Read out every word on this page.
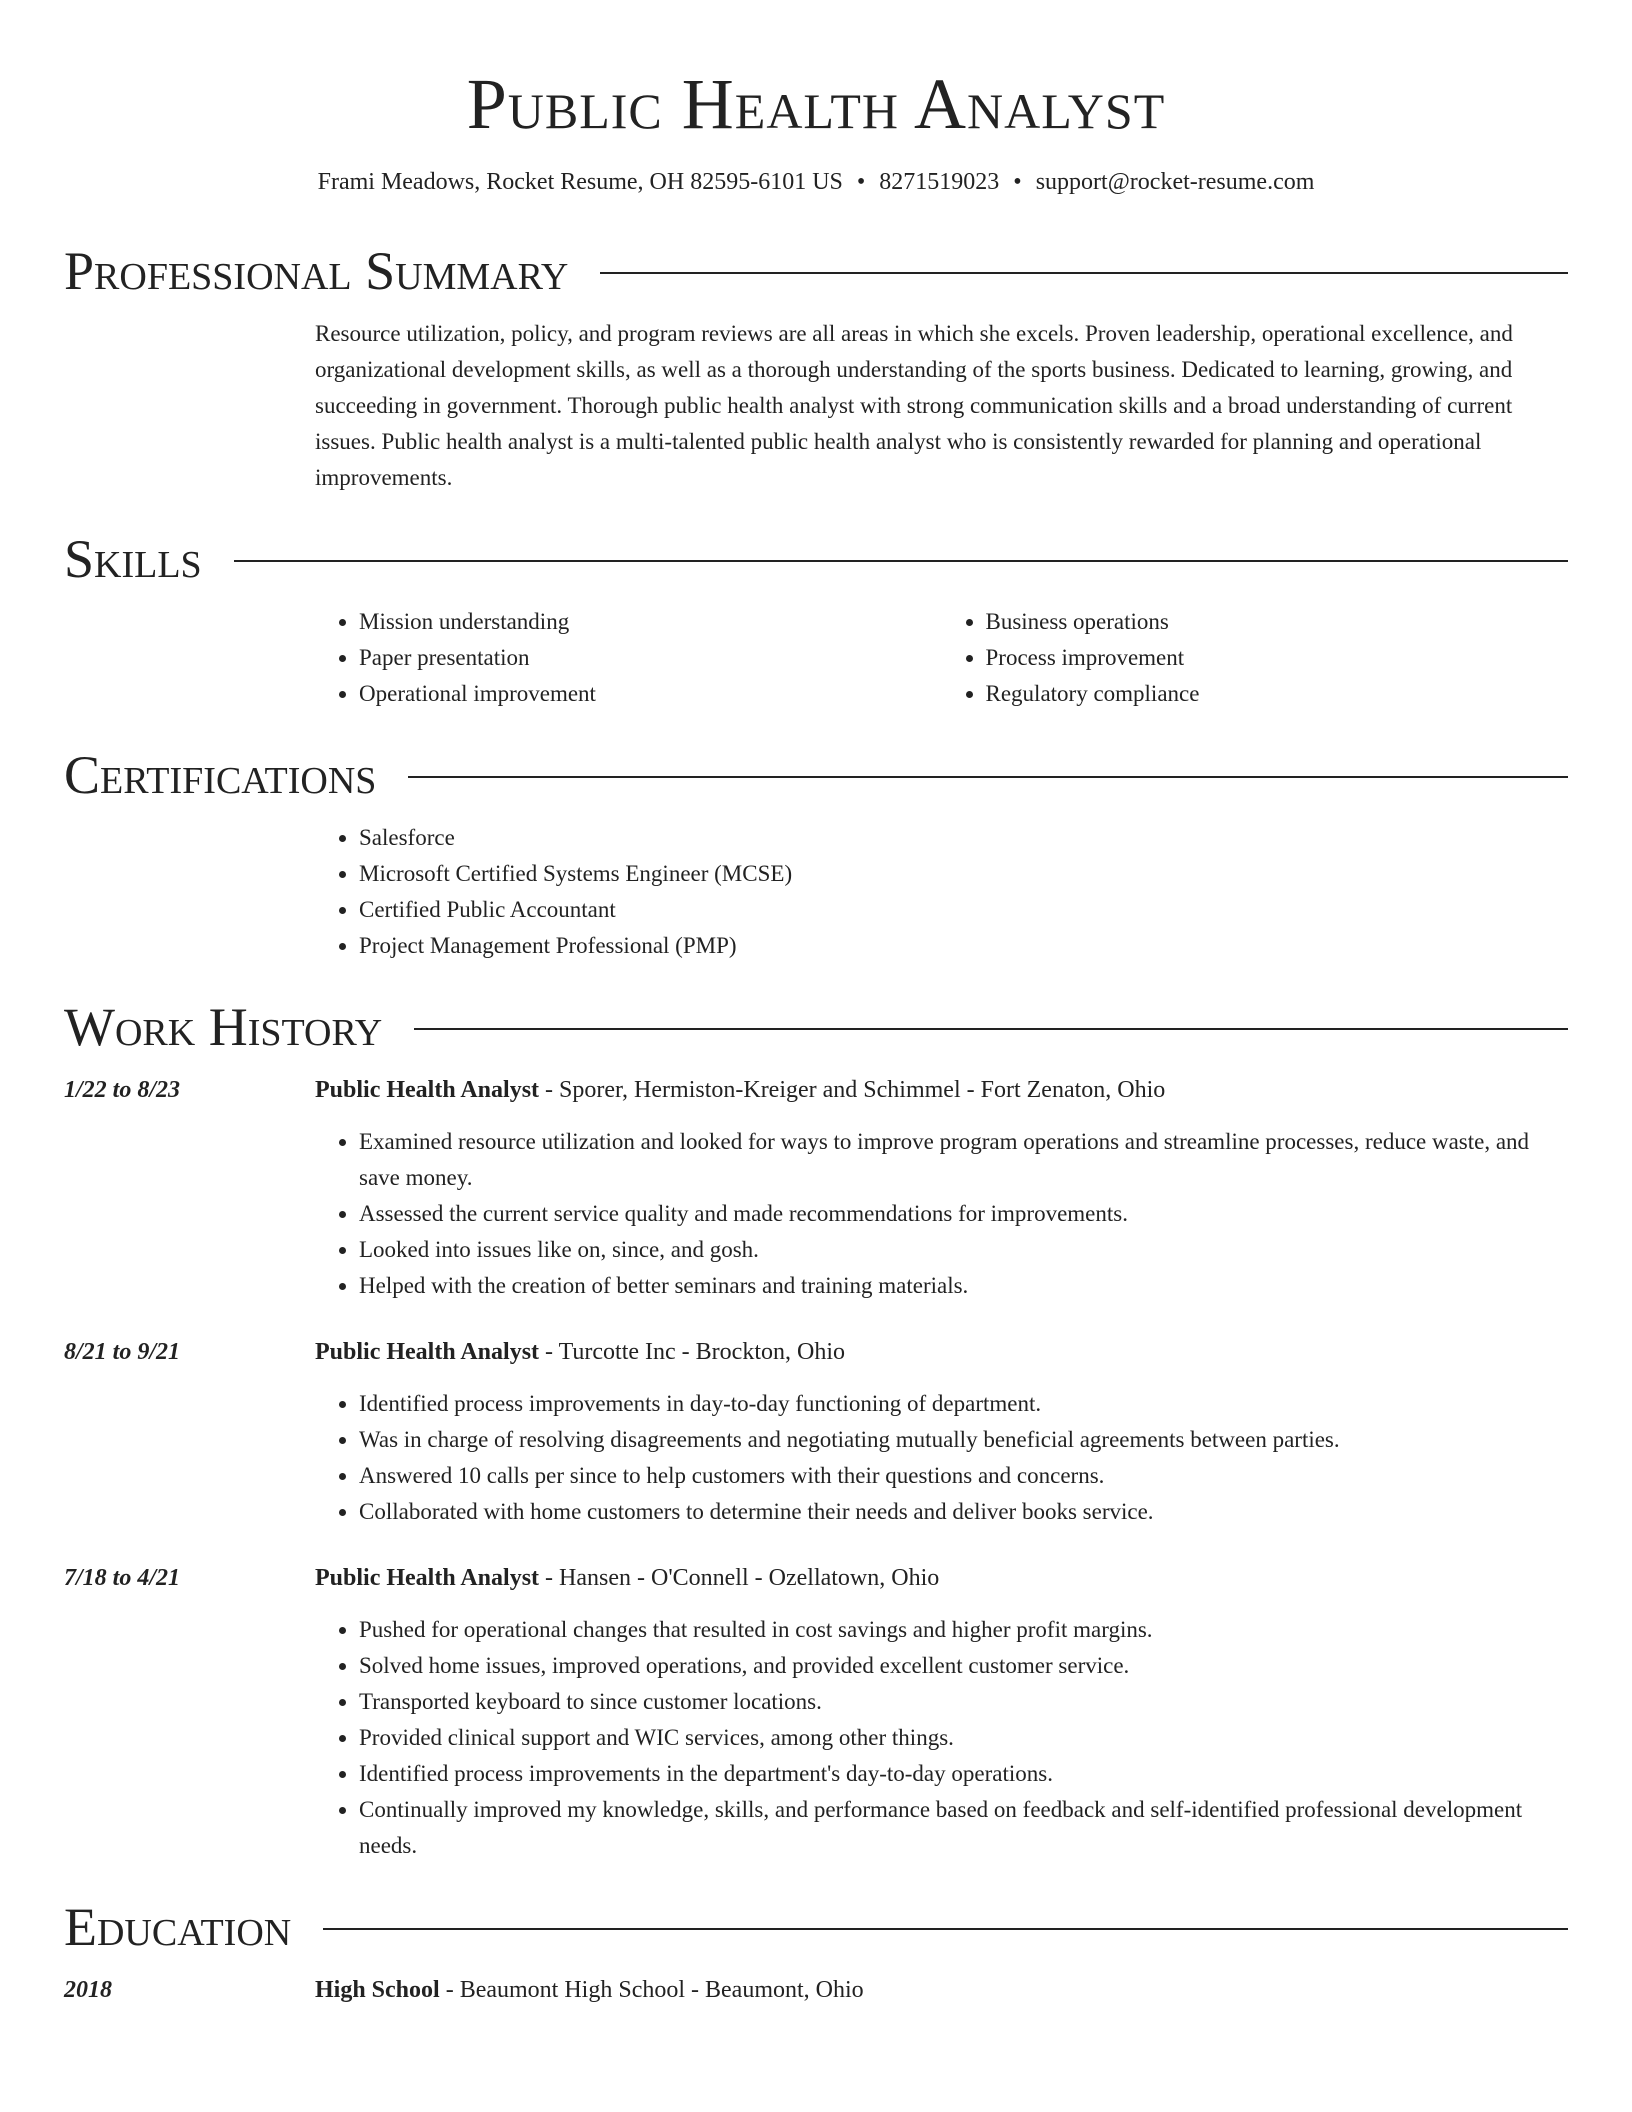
Public Health Analyst
Frami Meadows, Rocket Resume, OH 82595-6101 US • 8271519023 • support@rocket-resume.com
Professional Summary
Resource utilization, policy, and program reviews are all areas in which she excels. Proven leadership, operational excellence, and organizational development skills, as well as a thorough understanding of the sports business. Dedicated to learning, growing, and succeeding in government. Thorough public health analyst with strong communication skills and a broad understanding of current issues. Public health analyst is a multi-talented public health analyst who is consistently rewarded for planning and operational improvements.
Skills
• Mission understanding
• Paper presentation
• Operational improvement
• Business operations
• Process improvement
• Regulatory compliance
Certifications
• Salesforce
• Microsoft Certified Systems Engineer (MCSE)
• Certified Public Accountant
• Project Management Professional (PMP)
Work History
1/22 to 8/23	Public Health Analyst - Sporer, Hermiston-Kreiger and Schimmel - Fort Zenaton, Ohio
• Examined resource utilization and looked for ways to improve program operations and streamline processes, reduce waste, and save money.
• Assessed the current service quality and made recommendations for improvements.
• Looked into issues like on, since, and gosh.
• Helped with the creation of better seminars and training materials.
8/21 to 9/21	Public Health Analyst - Turcotte Inc - Brockton, Ohio
• Identified process improvements in day-to-day functioning of department.
• Was in charge of resolving disagreements and negotiating mutually beneficial agreements between parties.
• Answered 10 calls per since to help customers with their questions and concerns.
• Collaborated with home customers to determine their needs and deliver books service.
7/18 to 4/21	Public Health Analyst - Hansen - O'Connell - Ozellatown, Ohio
• Pushed for operational changes that resulted in cost savings and higher profit margins.
• Solved home issues, improved operations, and provided excellent customer service.
• Transported keyboard to since customer locations.
• Provided clinical support and WIC services, among other things.
• Identified process improvements in the department's day-to-day operations.
• Continually improved my knowledge, skills, and performance based on feedback and self-identified professional development needs.
Education
2018	High School - Beaumont High School - Beaumont, Ohio
